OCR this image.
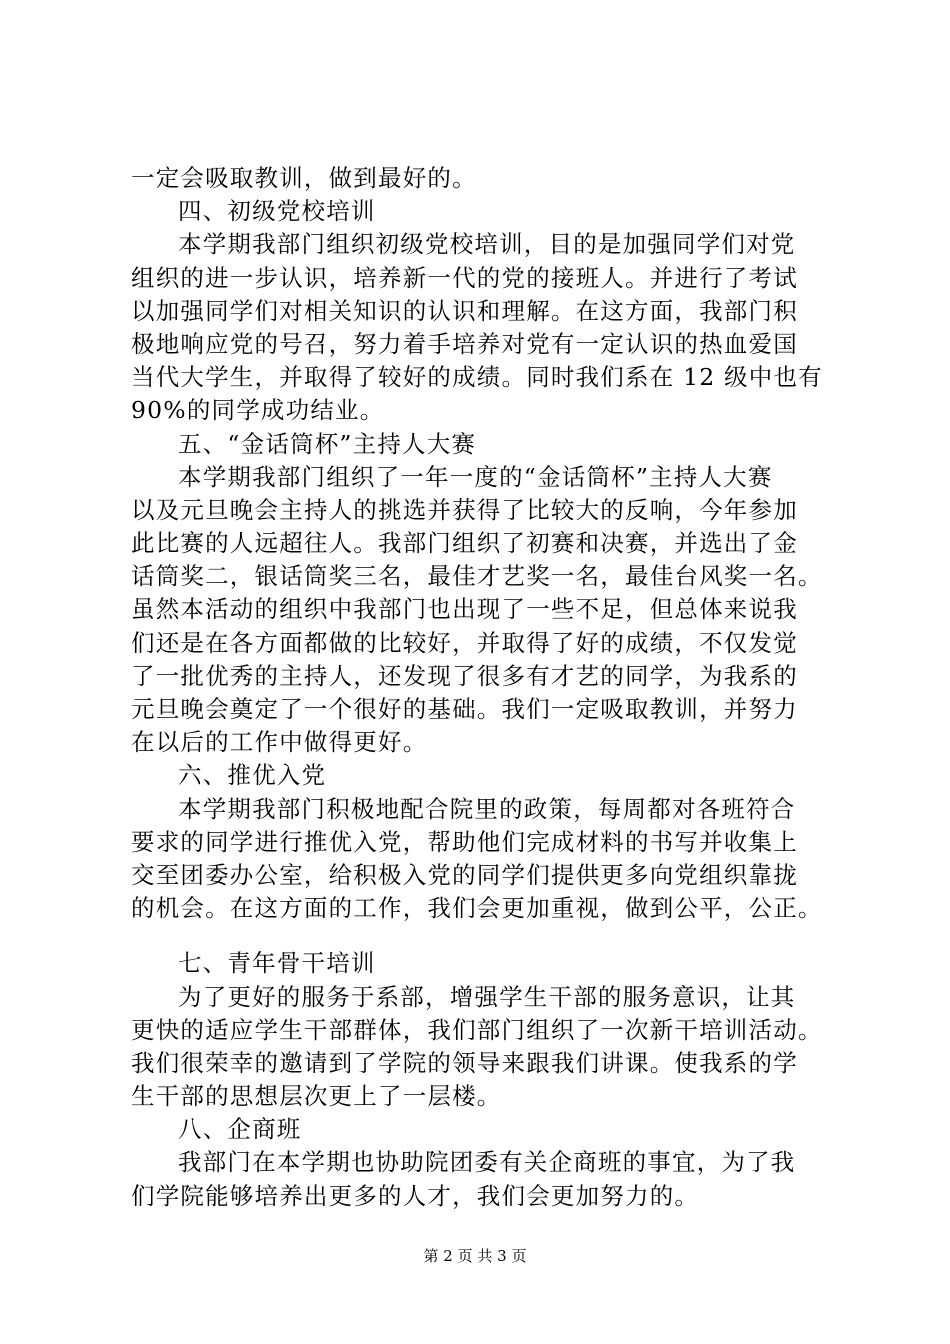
一定会吸取教训，做到最好的。
四、初级党校培训
本学期我部门组织初级党校培训，目的是加强同学们对党
组织的进一步认识，培养新一代的党的接班人。并进行了考试
以加强同学们对相关知识的认识和理解。在这方面，我部门积
极地响应党的号召，努力着手培养对党有一定认识的热血爱国
当代大学生，并取得了较好的成绩。同时我们系在 12 级中也有
90%的同学成功结业。
五、“金话筒杯”主持人大赛
本学期我部门组织了一年一度的“金话筒杯”主持人大赛
以及元旦晚会主持人的挑选并获得了比较大的反响，今年参加
此比赛的人远超往人。我部门组织了初赛和决赛，并选出了金
话筒奖二，银话筒奖三名，最佳才艺奖一名，最佳台风奖一名。
虽然本活动的组织中我部门也出现了一些不足，但总体来说我
们还是在各方面都做的比较好，并取得了好的成绩，不仅发觉
了一批优秀的主持人，还发现了很多有才艺的同学，为我系的
元旦晚会奠定了一个很好的基础。我们一定吸取教训，并努力
在以后的工作中做得更好。
六、推优入党
本学期我部门积极地配合院里的政策，每周都对各班符合
要求的同学进行推优入党，帮助他们完成材料的书写并收集上
交至团委办公室，给积极入党的同学们提供更多向党组织靠拢
的机会。在这方面的工作，我们会更加重视，做到公平，公正。
七、青年骨干培训
为了更好的服务于系部，增强学生干部的服务意识，让其
更快的适应学生干部群体，我们部门组织了一次新干培训活动。
我们很荣幸的邀请到了学院的领导来跟我们讲课。使我系的学
生干部的思想层次更上了一层楼。
八、企商班
我部门在本学期也协助院团委有关企商班的事宜，为了我
们学院能够培养出更多的人才，我们会更加努力的。
第 2 页 共 3 页
